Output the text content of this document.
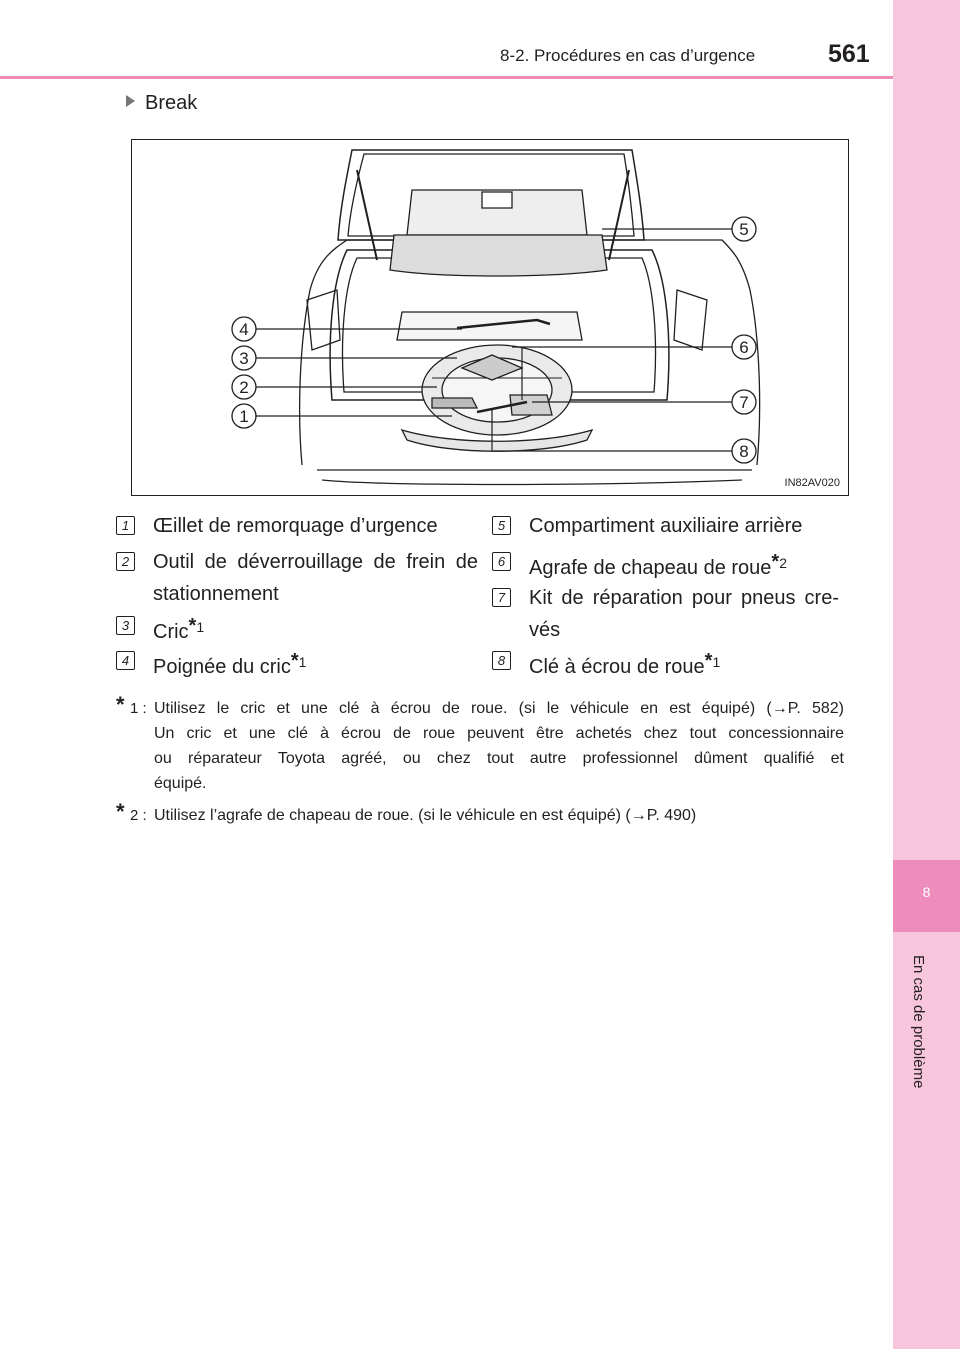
8-2. Procédures en cas d’urgence	561
8
En cas de problème
Break
4
3
2
1
5
6
7
8
IN82AV020
1 Œillet de remorquage d’urgence
2 Outil de déverrouillage de frein de
stationnement
3 Cric$^{*1}$
4 Poignée du cric$^{*1}$
5 Compartiment auxiliaire arrière
6 Agrafe de chapeau de roue$^{*2}$
7 Kit de réparation pour pneus cre-
vés
8 Clé à écrou de roue$^{*1}$
* 1 : Utilisez le cric et une clé à écrou de roue. (si le véhicule en est équipé) (→P. 582)
Un cric et une clé à écrou de roue peuvent être achetés chez tout concessionnaire
ou réparateur Toyota agréé, ou chez tout autre professionnel dûment qualifié et
équipé.
* 2 : Utilisez l’agrafe de chapeau de roue. (si le véhicule en est équipé) (→P. 490)
